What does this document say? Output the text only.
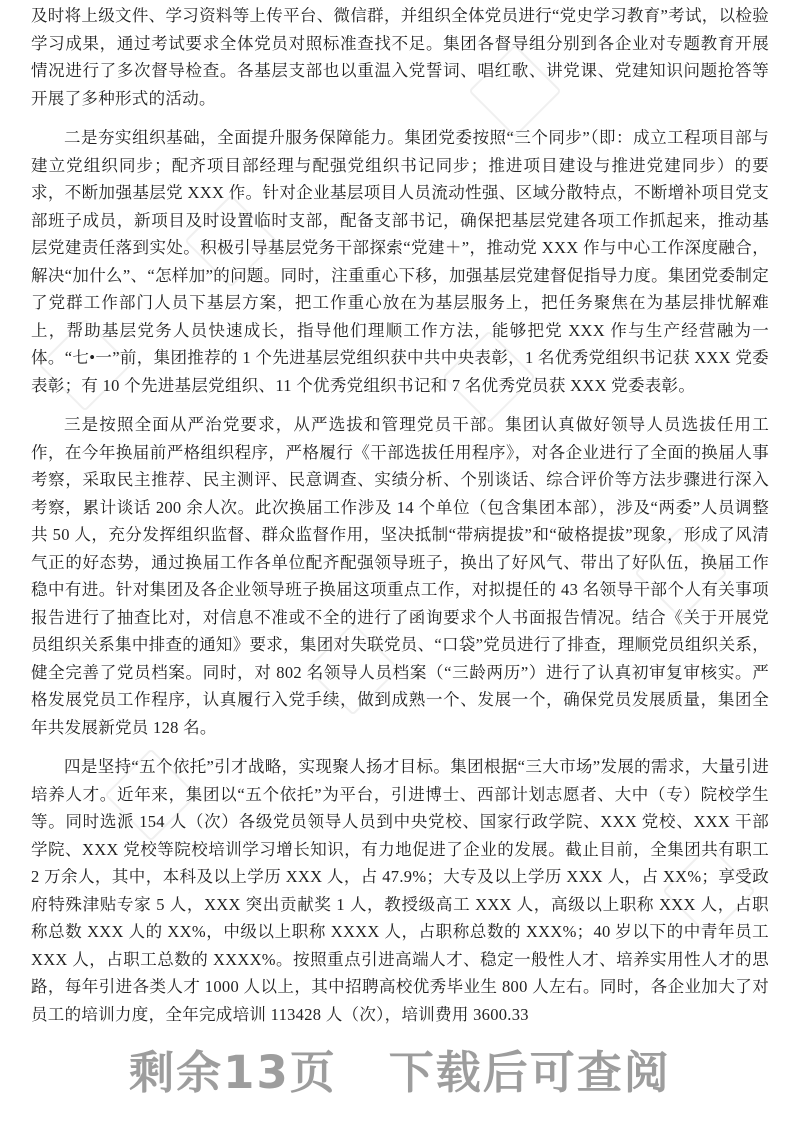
及时将上级文件、学习资料等上传平台、微信群，并组织全体党员进行“党史学习教育”考试，以检验学习成果，通过考试要求全体党员对照标准查找不足。集团各督导组分别到各企业对专题教育开展情况进行了多次督导检查。各基层支部也以重温入党誓词、唱红歌、讲党课、党建知识问题抢答等开展了多种形式的活动。

二是夯实组织基础，全面提升服务保障能力。集团党委按照“三个同步”（即：成立工程项目部与建立党组织同步；配齐项目部经理与配强党组织书记同步；推进项目建设与推进党建同步）的要求，不断加强基层党 XXX 作。针对企业基层项目人员流动性强、区域分散特点，不断增补项目党支部班子成员，新项目及时设置临时支部，配备支部书记，确保把基层党建各项工作抓起来，推动基层党建责任落到实处。积极引导基层党务干部探索“党建＋”，推动党 XXX 作与中心工作深度融合，解决“加什么”、“怎样加”的问题。同时，注重重心下移，加强基层党建督促指导力度。集团党委制定了党群工作部门人员下基层方案，把工作重心放在为基层服务上，把任务聚焦在为基层排忧解难上，帮助基层党务人员快速成长，指导他们理顺工作方法，能够把党 XXX 作与生产经营融为一体。“七•一”前，集团推荐的 1 个先进基层党组织获中共中央表彰，1 名优秀党组织书记获 XXX 党委表彰；有 10 个先进基层党组织、11 个优秀党组织书记和 7 名优秀党员获 XXX 党委表彰。

三是按照全面从严治党要求，从严选拔和管理党员干部。集团认真做好领导人员选拔任用工作，在今年换届前严格组织程序，严格履行《干部选拔任用程序》，对各企业进行了全面的换届人事考察，采取民主推荐、民主测评、民意调查、实绩分析、个别谈话、综合评价等方法步骤进行深入考察，累计谈话 200 余人次。此次换届工作涉及 14 个单位（包含集团本部），涉及“两委”人员调整共 50 人，充分发挥组织监督、群众监督作用，坚决抵制“带病提拔”和“破格提拔”现象，形成了风清气正的好态势，通过换届工作各单位配齐配强领导班子，换出了好风气、带出了好队伍，换届工作稳中有进。针对集团及各企业领导班子换届这项重点工作，对拟提任的 43 名领导干部个人有关事项报告进行了抽查比对，对信息不准或不全的进行了函询要求个人书面报告情况。结合《关于开展党员组织关系集中排查的通知》要求，集团对失联党员、“口袋”党员进行了排查，理顺党员组织关系，健全完善了党员档案。同时，对 802 名领导人员档案（“三龄两历”）进行了认真初审复审核实。严格发展党员工作程序，认真履行入党手续，做到成熟一个、发展一个，确保党员发展质量，集团全年共发展新党员 128 名。

四是坚持“五个依托”引才战略，实现聚人扬才目标。集团根据“三大市场”发展的需求，大量引进培养人才。近年来，集团以“五个依托”为平台，引进博士、西部计划志愿者、大中（专）院校学生等。同时选派 154 人（次）各级党员领导人员到中央党校、国家行政学院、XXX 党校、XXX 干部学院、XXX 党校等院校培训学习增长知识，有力地促进了企业的发展。截止目前，全集团共有职工 2 万余人，其中，本科及以上学历 XXX 人，占 47.9%；大专及以上学历 XXX 人，占 XX%；享受政府特殊津贴专家 5 人，XXX 突出贡献奖 1 人，教授级高工 XXX 人，高级以上职称 XXX 人，占职称总数 XXX 人的 XX%，中级以上职称 XXXX 人，占职称总数的 XXX%；40 岁以下的中青年员工 XXX 人，占职工总数的 XXXX%。按照重点引进高端人才、稳定一般性人才、培养实用性人才的思路，每年引进各类人才 1000 人以上，其中招聘高校优秀毕业生 800 人左右。同时，各企业加大了对员工的培训力度，全年完成培训 113428 人（次），培训费用 3600.33

剩余13页 下载后可查阅
